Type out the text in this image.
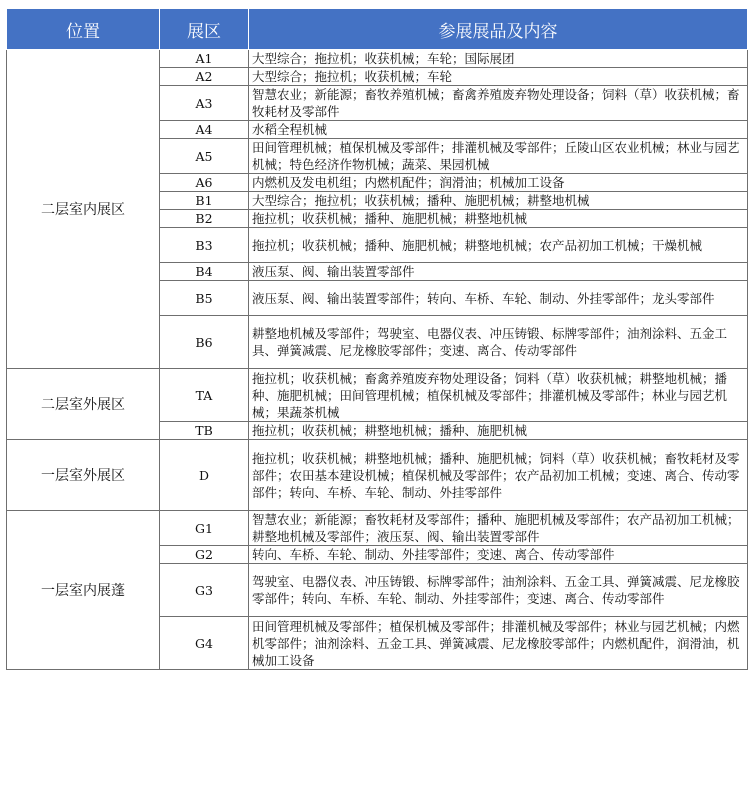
位置	展区	参展展品及内容
二层室内展区	A1	大型综合；拖拉机；收获机械；车轮；国际展团
	A2	大型综合；拖拉机；收获机械；车轮
	A3	智慧农业；新能源；畜牧养殖机械；畜禽养殖废弃物处理设备；饲料（草）收获机械；畜牧耗材及零部件
	A4	水稻全程机械
	A5	田间管理机械；植保机械及零部件；排灌机械及零部件；丘陵山区农业机械；林业与园艺机械；特色经济作物机械；蔬菜、果园机械
	A6	内燃机及发电机组；内燃机配件；润滑油；机械加工设备
	B1	大型综合；拖拉机；收获机械；播种、施肥机械；耕整地机械
	B2	拖拉机；收获机械；播种、施肥机械；耕整地机械
	B3	拖拉机；收获机械；播种、施肥机械；耕整地机械；农产品初加工机械；干燥机械
	B4	液压泵、阀、输出装置零部件
	B5	液压泵、阀、输出装置零部件；转向、车桥、车轮、制动、外挂零部件；龙头零部件
	B6	耕整地机械及零部件；驾驶室、电器仪表、冲压铸锻、标牌零部件；油剂涂料、五金工具、弹簧减震、尼龙橡胶零部件；变速、离合、传动零部件
二层室外展区	TA	拖拉机；收获机械；畜禽养殖废弃物处理设备；饲料（草）收获机械；耕整地机械；播种、施肥机械；田间管理机械；植保机械及零部件；排灌机械及零部件；林业与园艺机械；果蔬茶机械
	TB	拖拉机；收获机械；耕整地机械；播种、施肥机械
一层室外展区	D	拖拉机；收获机械；耕整地机械；播种、施肥机械；饲料（草）收获机械；畜牧耗材及零部件；农田基本建设机械；植保机械及零部件；农产品初加工机械；变速、离合、传动零部件；转向、车桥、车轮、制动、外挂零部件
一层室内展蓬	G1	智慧农业；新能源；畜牧耗材及零部件；播种、施肥机械及零部件；农产品初加工机械；耕整地机械及零部件；液压泵、阀、输出装置零部件
	G2	转向、车桥、车轮、制动、外挂零部件；变速、离合、传动零部件
	G3	驾驶室、电器仪表、冲压铸锻、标牌零部件；油剂涂料、五金工具、弹簧减震、尼龙橡胶零部件；转向、车桥、车轮、制动、外挂零部件；变速、离合、传动零部件
	G4	田间管理机械及零部件；植保机械及零部件；排灌机械及零部件；林业与园艺机械；内燃机零部件；油剂涂料、五金工具、弹簧减震、尼龙橡胶零部件；内燃机配件，润滑油，机械加工设备
